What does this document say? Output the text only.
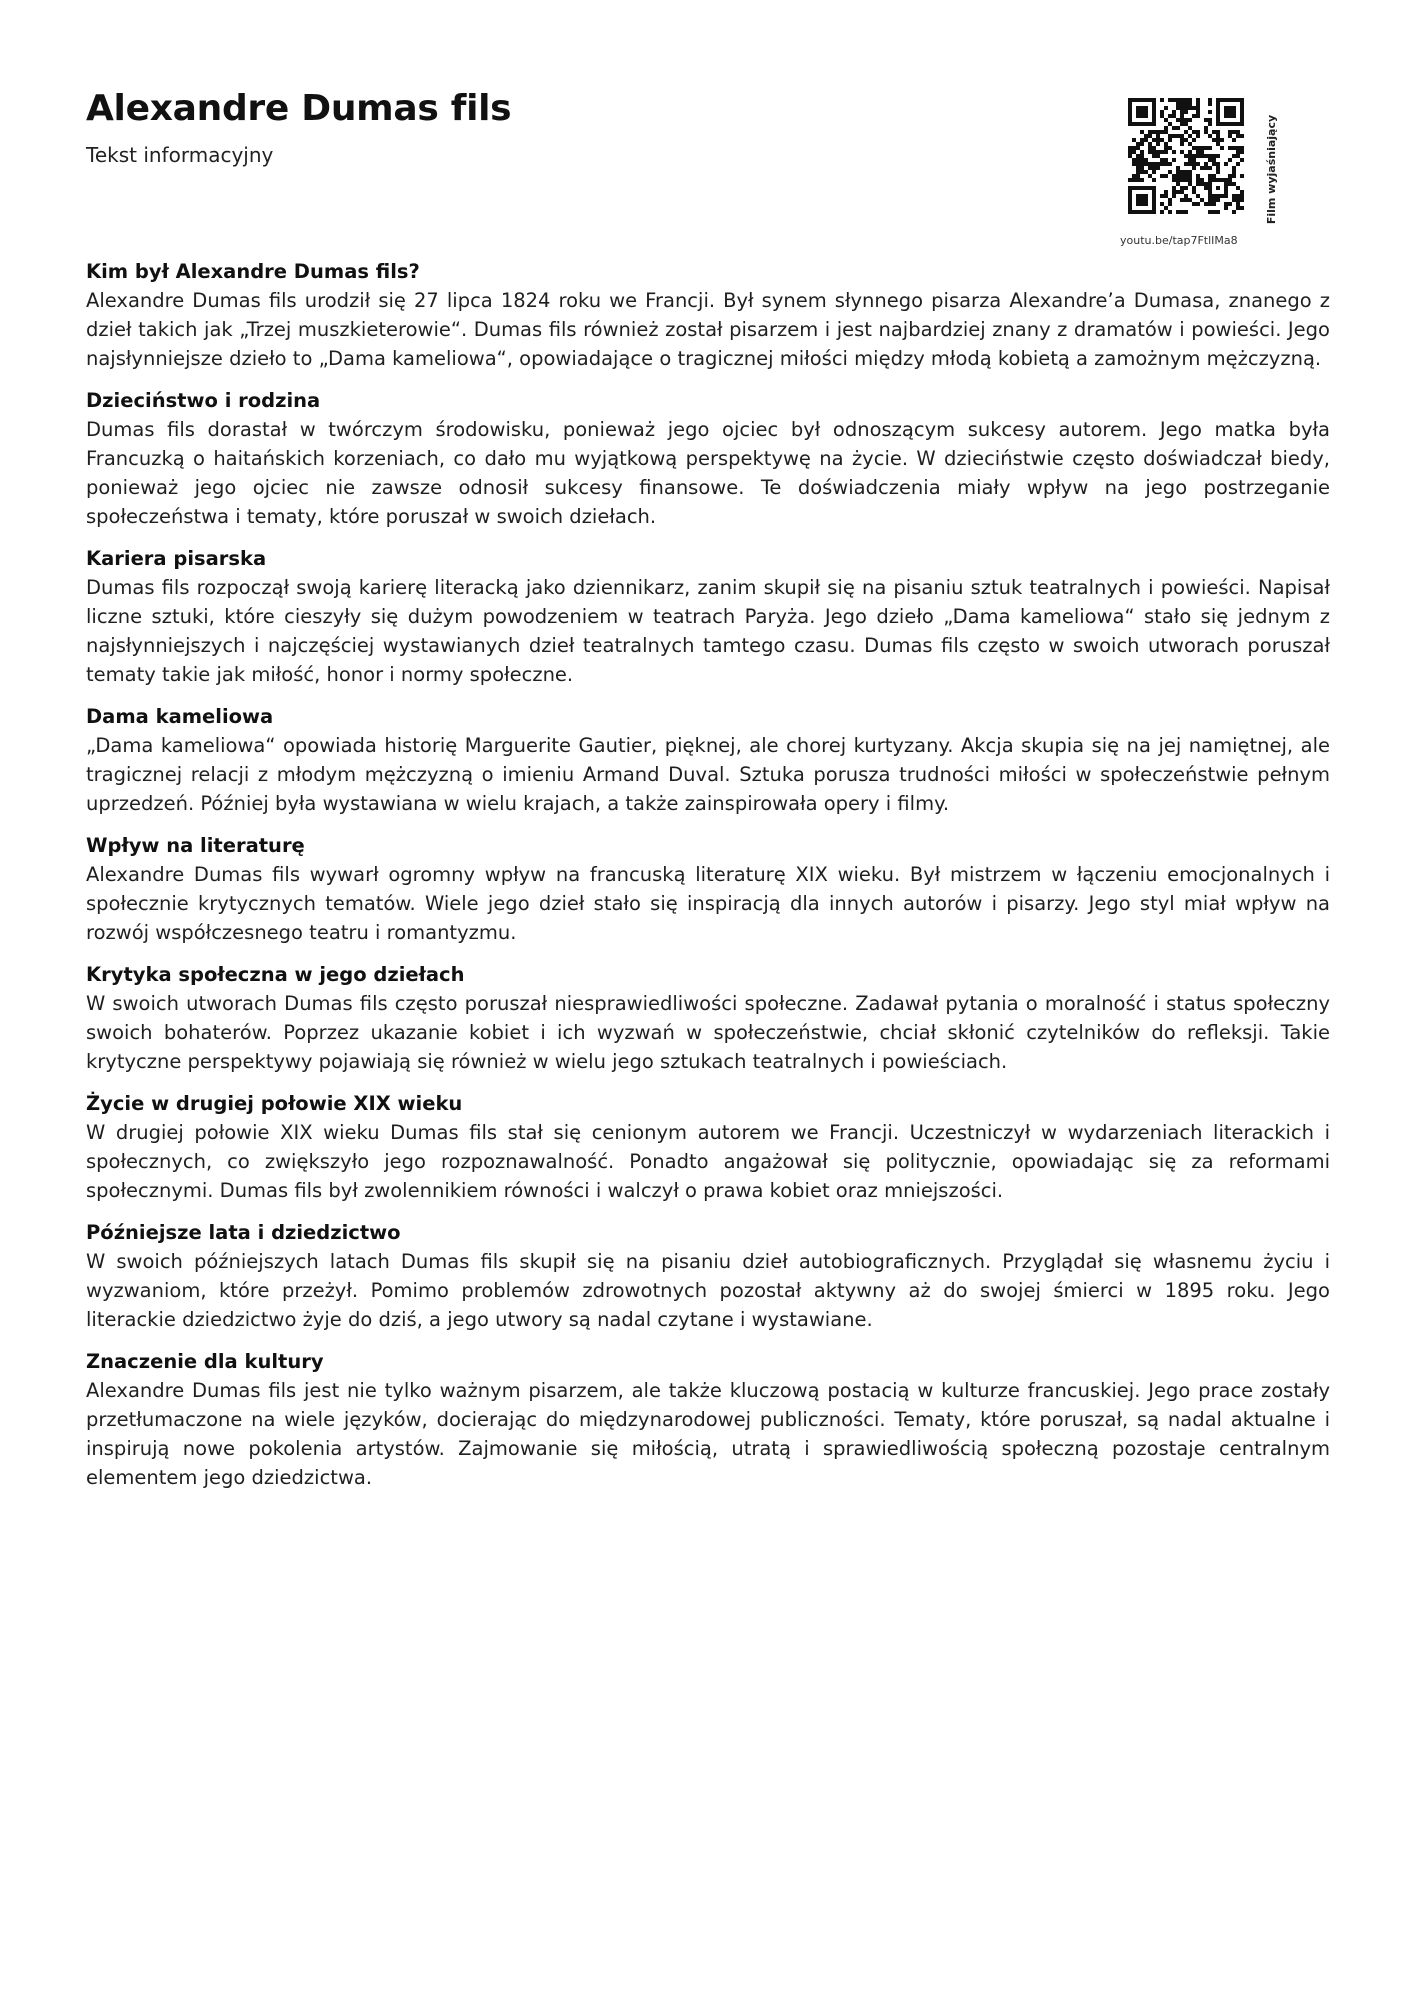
Alexandre Dumas fils
Tekst informacyjny	Film wyjaśniający
youtu.be/tap7FtlIMa8
Kim był Alexandre Dumas fils?

Alexandre Dumas fils urodził się 27 lipca 1824 roku we Francji. Był synem słynnego pisarza Alexandre’a Dumasa, znanego z dzieł takich jak „Trzej muszkieterowie“. Dumas fils również został pisarzem i jest najbardziej znany z dramatów i powieści. Jego najsłynniejsze dzieło to „Dama kameliowa“, opowiadające o tragicznej miłości między młodą kobietą a zamożnym mężczyzną.

Dzieciństwo i rodzina

Dumas fils dorastał w twórczym środowisku, ponieważ jego ojciec był odnoszącym sukcesy autorem. Jego matka była Francuzką o haitańskich korzeniach, co dało mu wyjątkową perspektywę na życie. W dzieciństwie często doświadczał biedy, ponieważ jego ojciec nie zawsze odnosił sukcesy finansowe. Te doświadczenia miały wpływ na jego postrzeganie społeczeństwa i tematy, które poruszał w swoich dziełach.

Kariera pisarska

Dumas fils rozpoczął swoją karierę literacką jako dziennikarz, zanim skupił się na pisaniu sztuk teatralnych i powieści. Napisał liczne sztuki, które cieszyły się dużym powodzeniem w teatrach Paryża. Jego dzieło „Dama kameliowa“ stało się jednym z najsłynniejszych i najczęściej wystawianych dzieł teatralnych tamtego czasu. Dumas fils często w swoich utworach poruszał tematy takie jak miłość, honor i normy społeczne.

Dama kameliowa

„Dama kameliowa“ opowiada historię Marguerite Gautier, pięknej, ale chorej kurtyzany. Akcja skupia się na jej namiętnej, ale tragicznej relacji z młodym mężczyzną o imieniu Armand Duval. Sztuka porusza trudności miłości w społeczeństwie pełnym uprzedzeń. Później była wystawiana w wielu krajach, a także zainspirowała opery i filmy.

Wpływ na literaturę

Alexandre Dumas fils wywarł ogromny wpływ na francuską literaturę XIX wieku. Był mistrzem w łączeniu emocjonalnych i społecznie krytycznych tematów. Wiele jego dzieł stało się inspiracją dla innych autorów i pisarzy. Jego styl miał wpływ na rozwój współczesnego teatru i romantyzmu.

Krytyka społeczna w jego dziełach

W swoich utworach Dumas fils często poruszał niesprawiedliwości społeczne. Zadawał pytania o moralność i status społeczny swoich bohaterów. Poprzez ukazanie kobiet i ich wyzwań w społeczeństwie, chciał skłonić czytelników do refleksji. Takie krytyczne perspektywy pojawiają się również w wielu jego sztukach teatralnych i powieściach.

Życie w drugiej połowie XIX wieku

W drugiej połowie XIX wieku Dumas fils stał się cenionym autorem we Francji. Uczestniczył w wydarzeniach literackich i społecznych, co zwiększyło jego rozpoznawalność. Ponadto angażował się politycznie, opowiadając się za reformami społecznymi. Dumas fils był zwolennikiem równości i walczył o prawa kobiet oraz mniejszości.

Późniejsze lata i dziedzictwo

W swoich późniejszych latach Dumas fils skupił się na pisaniu dzieł autobiograficznych. Przyglądał się własnemu życiu i wyzwaniom, które przeżył. Pomimo problemów zdrowotnych pozostał aktywny aż do swojej śmierci w 1895 roku. Jego literackie dziedzictwo żyje do dziś, a jego utwory są nadal czytane i wystawiane.

Znaczenie dla kultury

Alexandre Dumas fils jest nie tylko ważnym pisarzem, ale także kluczową postacią w kulturze francuskiej. Jego prace zostały przetłumaczone na wiele języków, docierając do międzynarodowej publiczności. Tematy, które poruszał, są nadal aktualne i inspirują nowe pokolenia artystów. Zajmowanie się miłością, utratą i sprawiedliwością społeczną pozostaje centralnym elementem jego dziedzictwa.
